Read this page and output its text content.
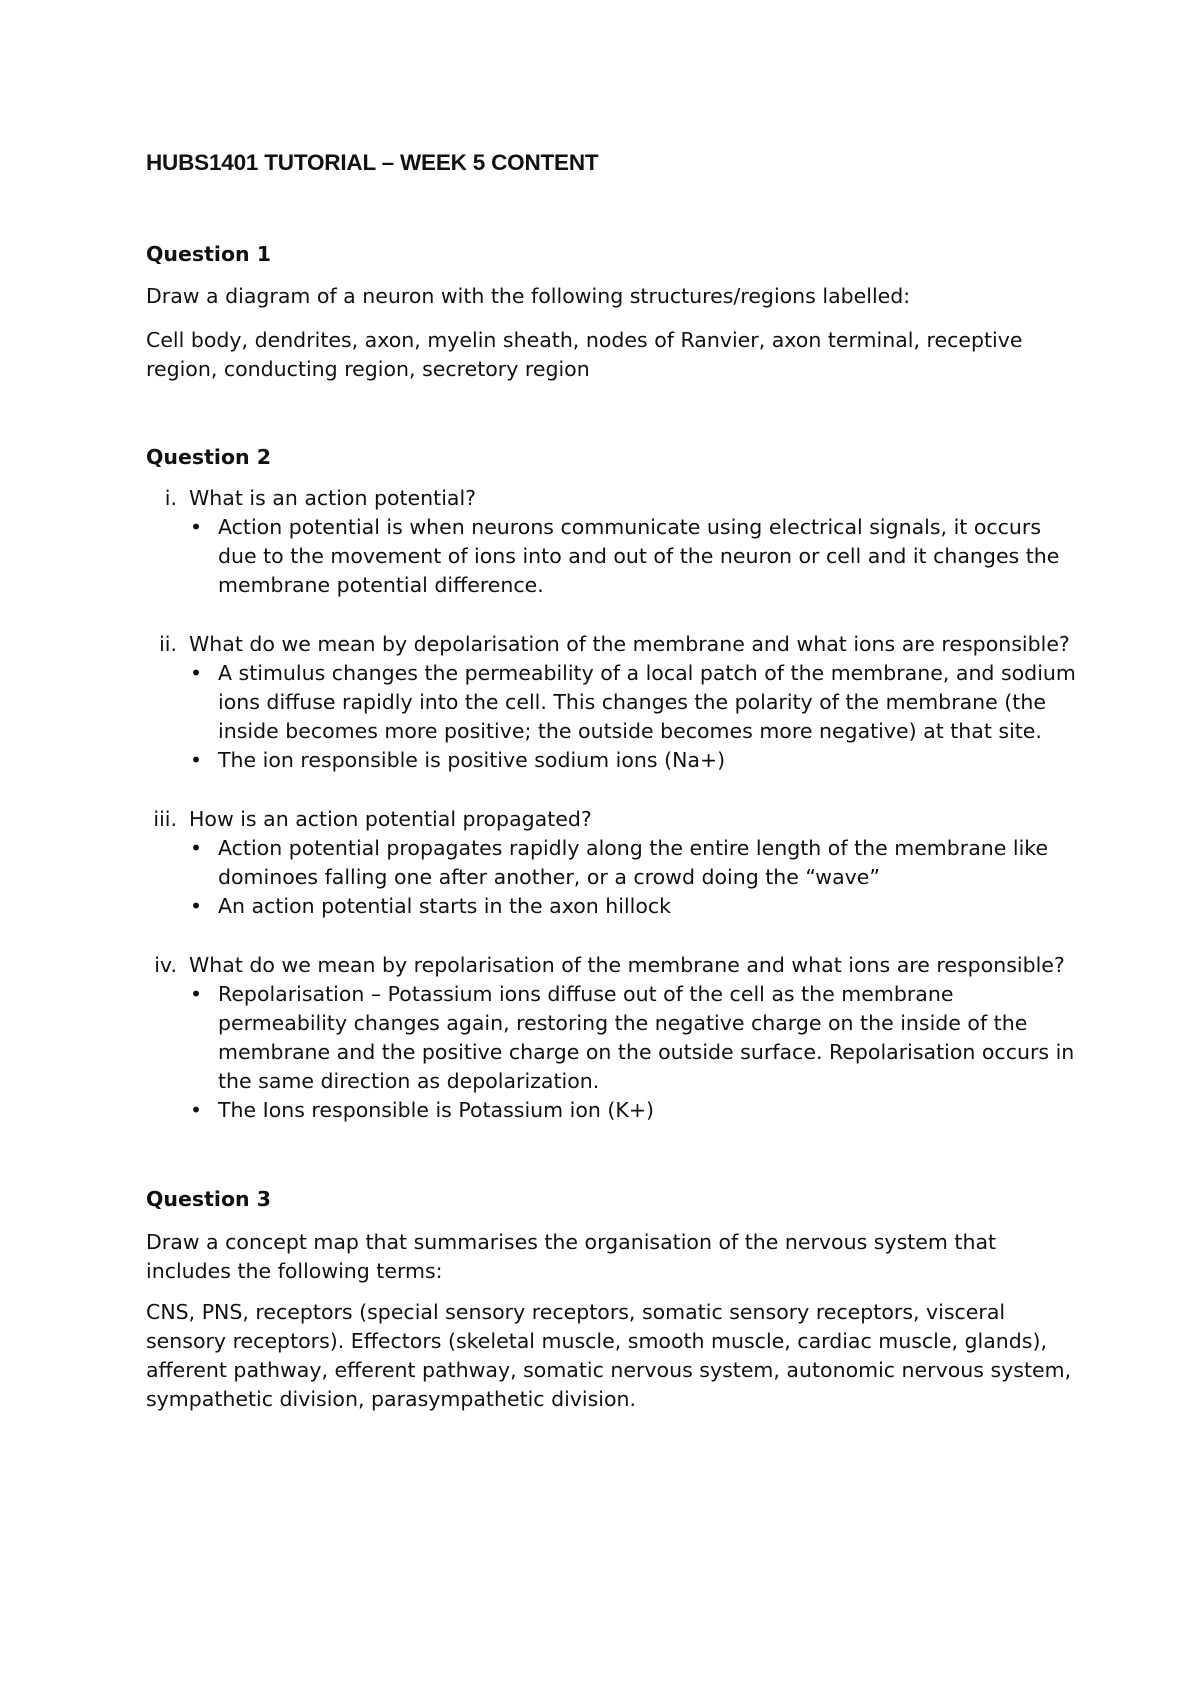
HUBS1401 TUTORIAL – WEEK 5 CONTENT
Question 1

Draw a diagram of a neuron with the following structures/regions labelled:

Cell body, dendrites, axon, myelin sheath, nodes of Ranvier, axon terminal, receptive region, conducting region, secretory region

Question 2
i. What is an action potential?
• Action potential is when neurons communicate using electrical signals, it occurs due to the movement of ions into and out of the neuron or cell and it changes the membrane potential difference.
ii. What do we mean by depolarisation of the membrane and what ions are responsible?
• A stimulus changes the permeability of a local patch of the membrane, and sodium ions diffuse rapidly into the cell. This changes the polarity of the membrane (the inside becomes more positive; the outside becomes more negative) at that site.
• The ion responsible is positive sodium ions (Na+)
iii. How is an action potential propagated?
• Action potential propagates rapidly along the entire length of the membrane like dominoes falling one after another, or a crowd doing the “wave”
• An action potential starts in the axon hillock
iv. What do we mean by repolarisation of the membrane and what ions are responsible?
• Repolarisation – Potassium ions diffuse out of the cell as the membrane permeability changes again, restoring the negative charge on the inside of the membrane and the positive charge on the outside surface. Repolarisation occurs in the same direction as depolarization.
• The Ions responsible is Potassium ion (K+)
Question 3

Draw a concept map that summarises the organisation of the nervous system that includes the following terms:

CNS, PNS, receptors (special sensory receptors, somatic sensory receptors, visceral sensory receptors). Effectors (skeletal muscle, smooth muscle, cardiac muscle, glands), afferent pathway, efferent pathway, somatic nervous system, autonomic nervous system, sympathetic division, parasympathetic division.
